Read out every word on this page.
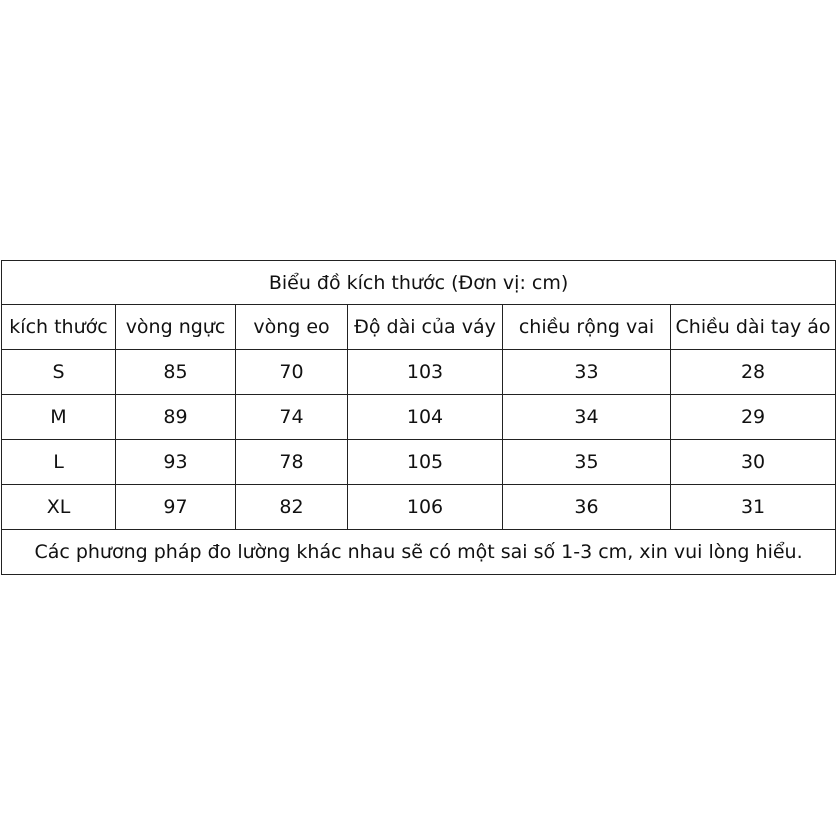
Biểu đồ kích thước (Đơn vị: cm)					
kích thước	vòng ngực	vòng eo	Độ dài của váy	chiều rộng vai	Chiều dài tay áo
S	85	70	103	33	28
M	89	74	104	34	29
L	93	78	105	35	30
XL	97	82	106	36	31
Các phương pháp đo lường khác nhau sẽ có một sai số 1-3 cm, xin vui lòng hiểu.					
